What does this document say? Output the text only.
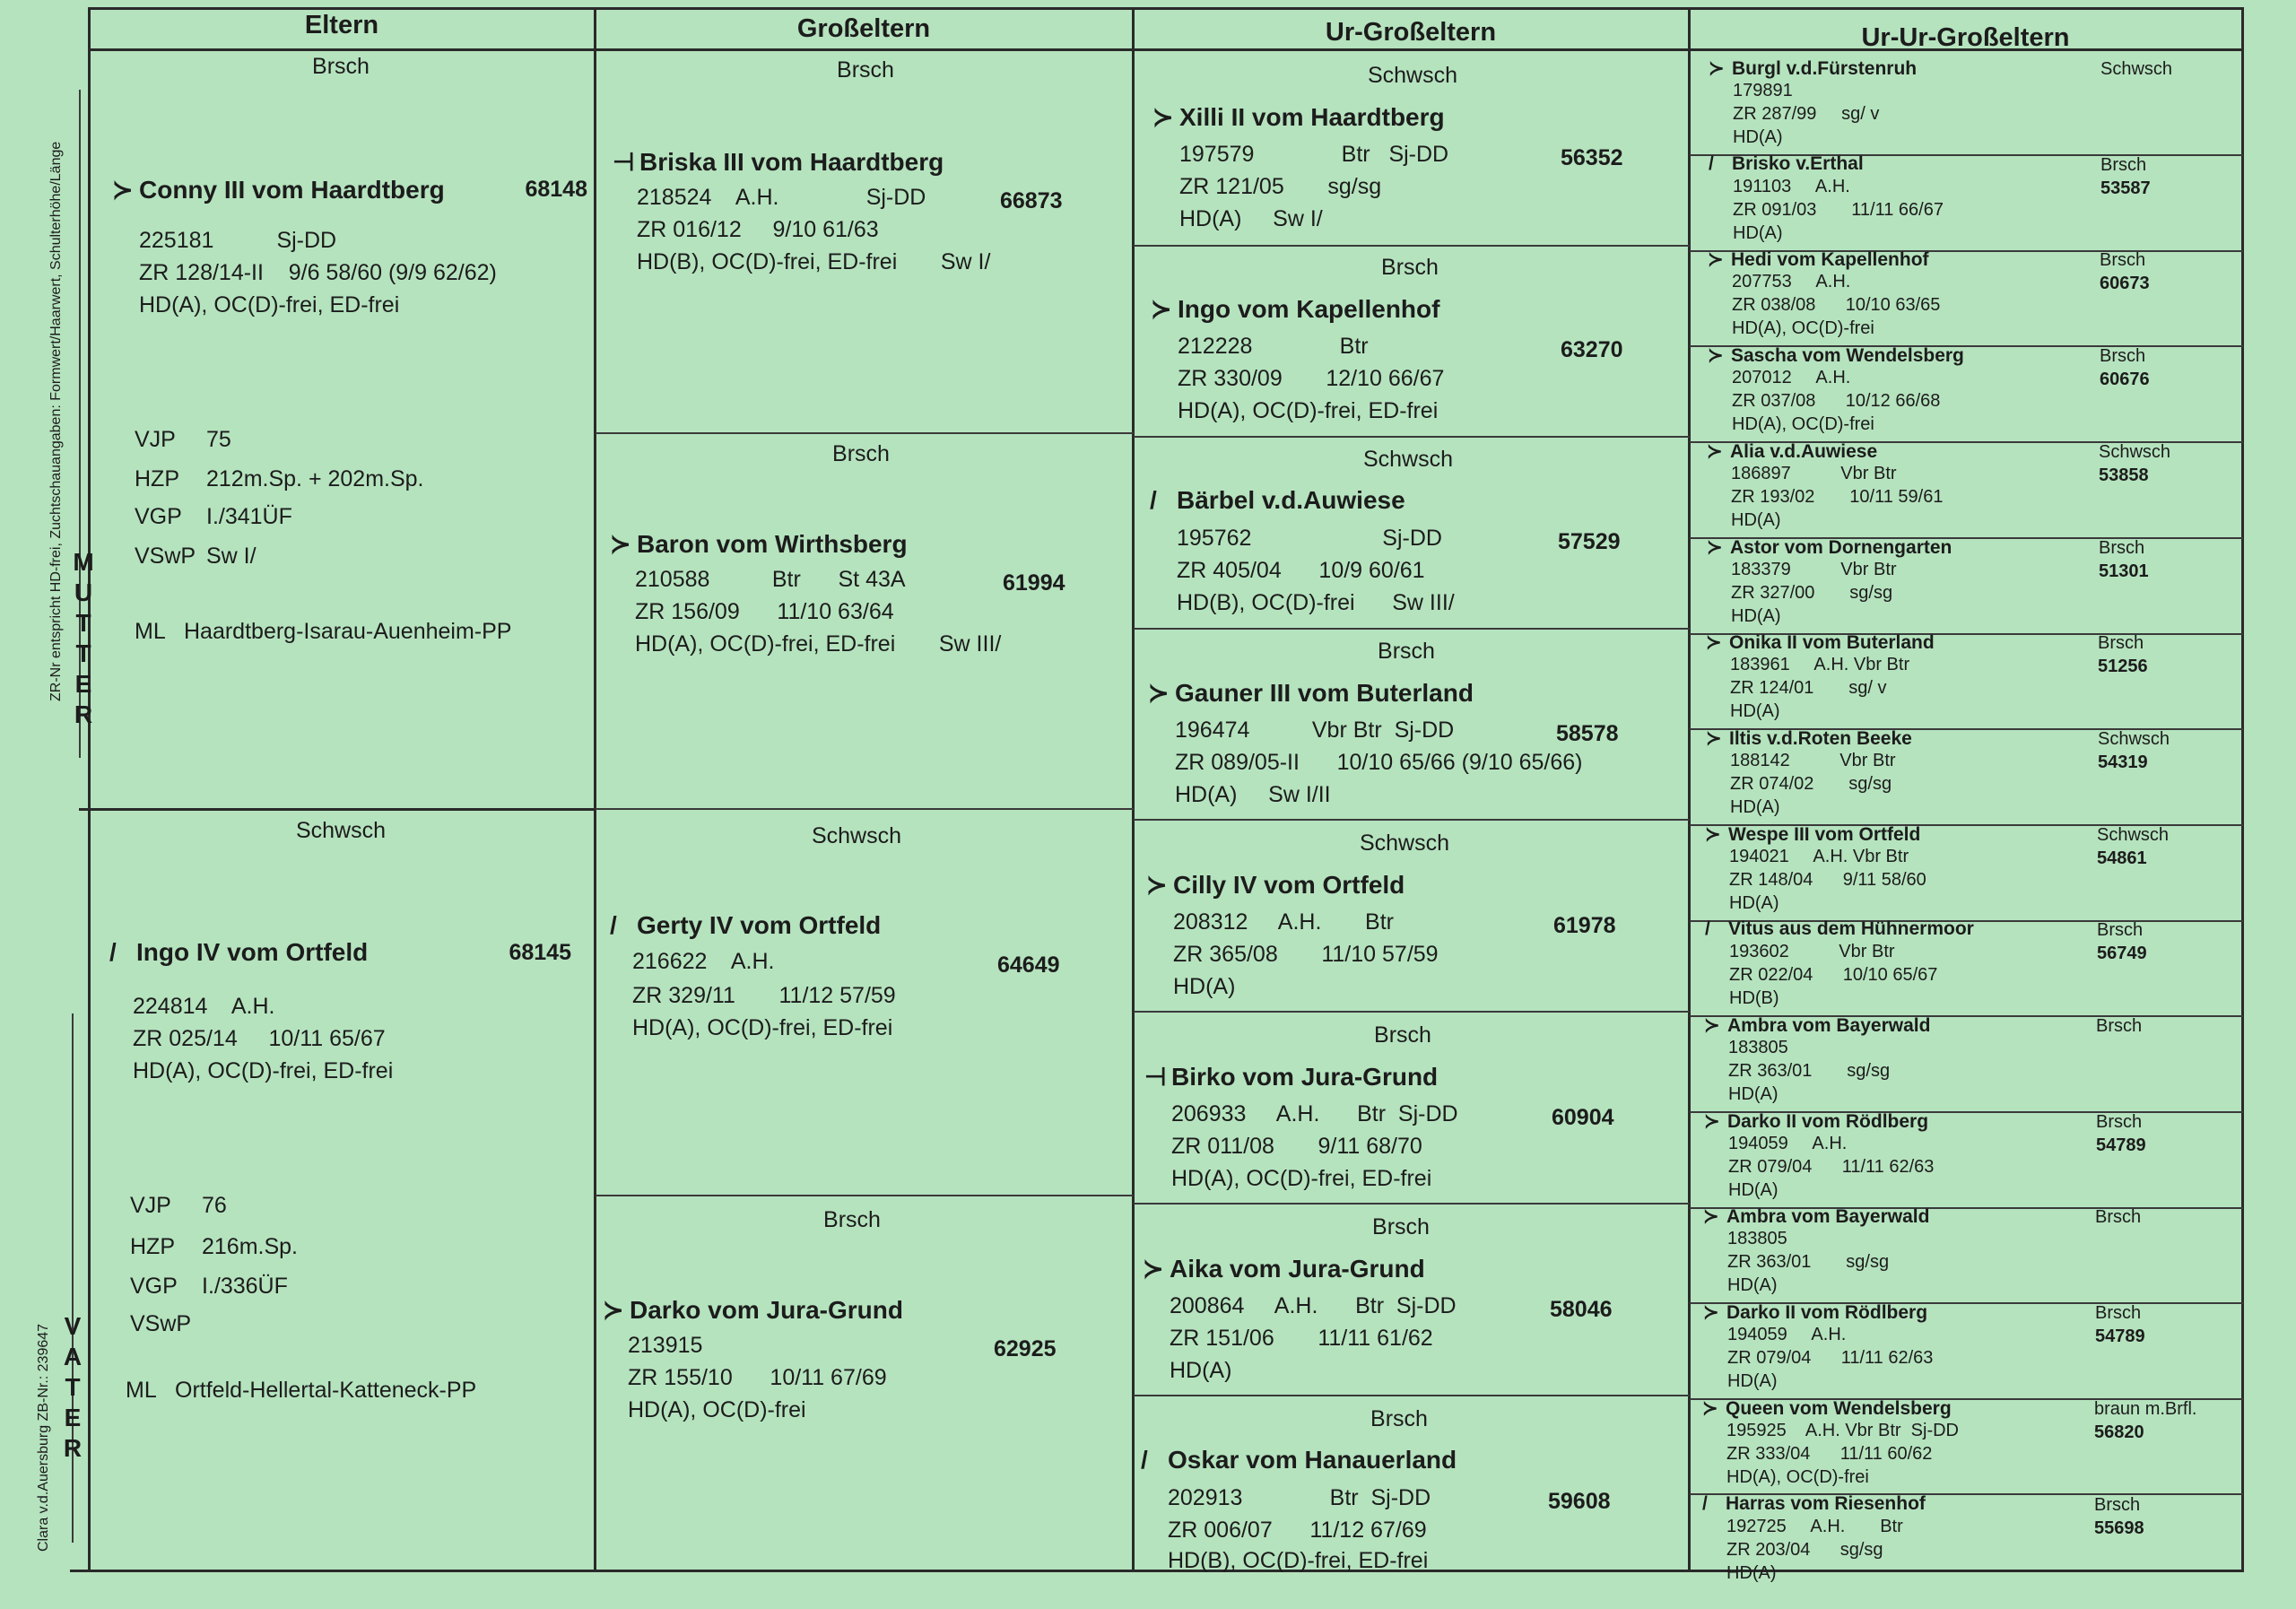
Eltern	Großeltern	Ur-Großeltern	Ur-Ur-Großeltern
M
U
T
T
E
R
V
A
T
E
R
ZR-Nr entspricht HD-frei, Zuchtschauangaben: Formwert/Haarwert, Schulterhöhe/Länge
Clara v.d.Auersburg ZB-Nr.: 239647
Brsch
≻ Conny III vom Haardtberg	68148
225181	Sj-DD
ZR 128/14-II    9/6 58/60 (9/9 62/62)
HD(A), OC(D)-frei, ED-frei
VJP 75
HZP 212m.Sp. + 202m.Sp.
VGP I./341ÜF
VSwP Sw I/
ML Haardtberg-Isarau-Auenheim-PP
Schwsch
/ Ingo IV vom Ortfeld	68145
224814    A.H.
ZR 025/14     10/11 65/67
HD(A), OC(D)-frei, ED-frei
VJP 76
HZP 216m.Sp.
VGP I./336ÜF
VSwP
ML Ortfeld-Hellertal-Katteneck-PP
Brsch
⊣ Briska III vom Haardtberg
66873
218524    A.H.              Sj-DD
ZR 016/12     9/10 61/63
HD(B), OC(D)-frei, ED-frei       Sw I/
Brsch
≻ Baron vom Wirthsberg
61994
210588          Btr      St 43A
ZR 156/09      11/10 63/64
HD(A), OC(D)-frei, ED-frei       Sw III/
Schwsch
/ Gerty IV vom Ortfeld
64649
216622    A.H.
ZR 329/11       11/12 57/59
HD(A), OC(D)-frei, ED-frei
Brsch
≻ Darko vom Jura-Grund
62925
213915
ZR 155/10      10/11 67/69
HD(A), OC(D)-frei
Schwsch
≻ Xilli II vom Haardtberg
56352
197579              Btr   Sj-DD
ZR 121/05       sg/sg
HD(A)     Sw I/
Brsch
≻ Ingo vom Kapellenhof
63270
212228              Btr
ZR 330/09       12/10 66/67
HD(A), OC(D)-frei, ED-frei
Schwsch
/ Bärbel v.d.Auwiese
57529
195762                     Sj-DD
ZR 405/04      10/9 60/61
HD(B), OC(D)-frei      Sw III/
Brsch
≻ Gauner III vom Buterland
58578
196474          Vbr Btr  Sj-DD
ZR 089/05-II      10/10 65/66 (9/10 65/66)
HD(A)     Sw I/II
Schwsch
≻ Cilly IV vom Ortfeld
61978
208312     A.H.       Btr
ZR 365/08       11/10 57/59
HD(A)
Brsch
⊣ Birko vom Jura-Grund
60904
206933     A.H.      Btr  Sj-DD
ZR 011/08       9/11 68/70
HD(A), OC(D)-frei, ED-frei
Brsch
≻ Aika vom Jura-Grund
58046
200864     A.H.      Btr  Sj-DD
ZR 151/06       11/11 61/62
HD(A)
Brsch
/ Oskar vom Hanauerland
59608
202913              Btr  Sj-DD
ZR 006/07      11/12 67/69
HD(B), OC(D)-frei, ED-frei
≻ Burgl v.d.Fürstenruh	Schwsch
179891
ZR 287/99     sg/ v
HD(A)
/ Brisko v.Erthal	Brsch
53587
191103     A.H.
ZR 091/03       11/11 66/67
HD(A)
≻ Hedi vom Kapellenhof	Brsch
60673
207753     A.H.
ZR 038/08      10/10 63/65
HD(A), OC(D)-frei
≻ Sascha vom Wendelsberg	Brsch
60676
207012     A.H.
ZR 037/08      10/12 66/68
HD(A), OC(D)-frei
≻ Alia v.d.Auwiese	Schwsch
53858
186897          Vbr Btr
ZR 193/02       10/11 59/61
HD(A)
≻ Astor vom Dornengarten	Brsch
51301
183379          Vbr Btr
ZR 327/00       sg/sg
HD(A)
≻ Onika II vom Buterland	Brsch
51256
183961     A.H. Vbr Btr
ZR 124/01       sg/ v
HD(A)
≻ Iltis v.d.Roten Beeke	Schwsch
54319
188142          Vbr Btr
ZR 074/02       sg/sg
HD(A)
≻ Wespe III vom Ortfeld	Schwsch
54861
194021     A.H. Vbr Btr
ZR 148/04      9/11 58/60
HD(A)
/ Vitus aus dem Hühnermoor	Brsch
56749
193602          Vbr Btr
ZR 022/04      10/10 65/67
HD(B)
≻ Ambra vom Bayerwald	Brsch
183805
ZR 363/01       sg/sg
HD(A)
≻ Darko II vom Rödlberg	Brsch
54789
194059     A.H.
ZR 079/04      11/11 62/63
HD(A)
≻ Ambra vom Bayerwald	Brsch
183805
ZR 363/01       sg/sg
HD(A)
≻ Darko II vom Rödlberg	Brsch
54789
194059     A.H.
ZR 079/04      11/11 62/63
HD(A)
≻ Queen vom Wendelsberg	braun m.Brfl.
56820
195925    A.H. Vbr Btr  Sj-DD
ZR 333/04      11/11 60/62
HD(A), OC(D)-frei
/ Harras vom Riesenhof	Brsch
55698
192725     A.H.       Btr
ZR 203/04      sg/sg
HD(A)
